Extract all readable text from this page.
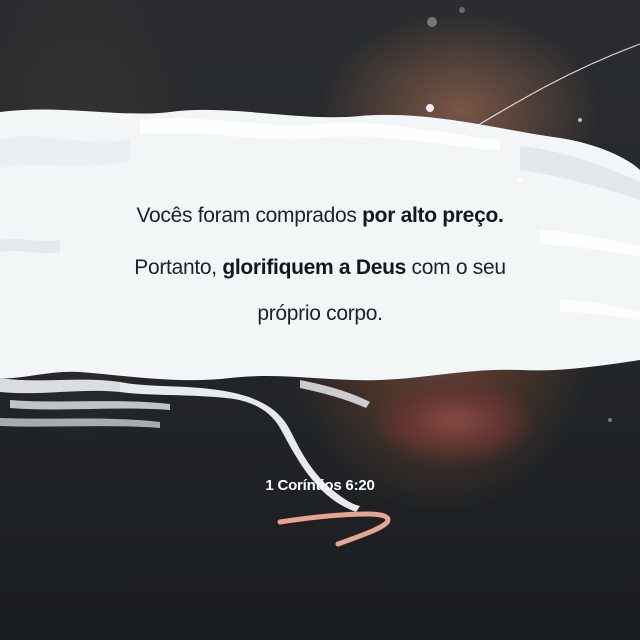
Vocês foram comprados por alto preço.
Portanto, glorifiquem a Deus com o seu
próprio corpo.
1 Coríntios 6:20
